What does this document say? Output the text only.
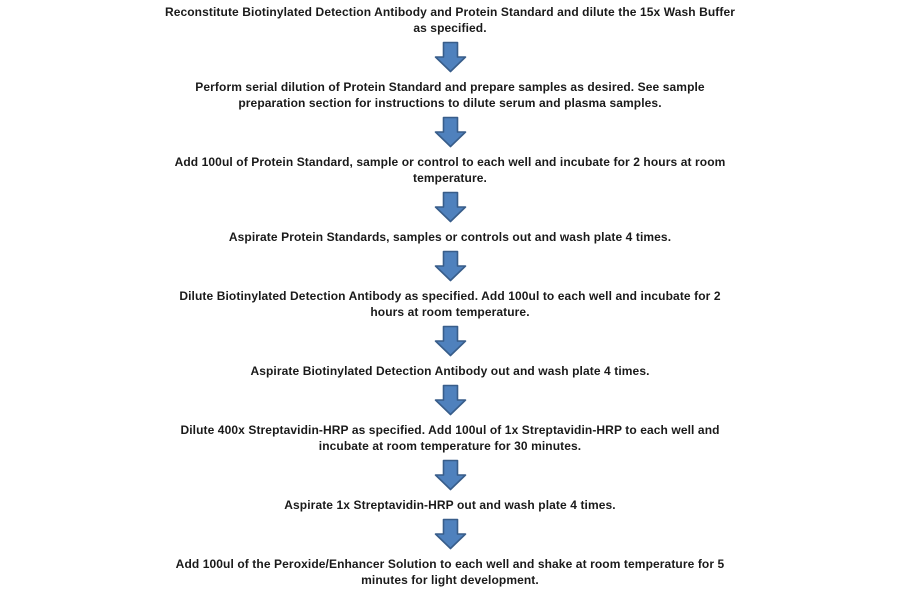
Reconstitute Biotinylated Detection Antibody and Protein Standard and dilute the 15x Wash Buffer
as specified.
Perform serial dilution of Protein Standard and prepare samples as desired. See sample
preparation section for instructions to dilute serum and plasma samples.
Add 100ul of Protein Standard, sample or control to each well and incubate for 2 hours at room
temperature.
Aspirate Protein Standards, samples or controls out and wash plate 4 times.
Dilute Biotinylated Detection Antibody as specified. Add 100ul to each well and incubate for 2
hours at room temperature.
Aspirate Biotinylated Detection Antibody out and wash plate 4 times.
Dilute 400x Streptavidin-HRP as specified. Add 100ul of 1x Streptavidin-HRP to each well and
incubate at room temperature for 30 minutes.
Aspirate 1x Streptavidin-HRP out and wash plate 4 times.
Add 100ul of the Peroxide/Enhancer Solution to each well and shake at room temperature for 5
minutes for light development.
